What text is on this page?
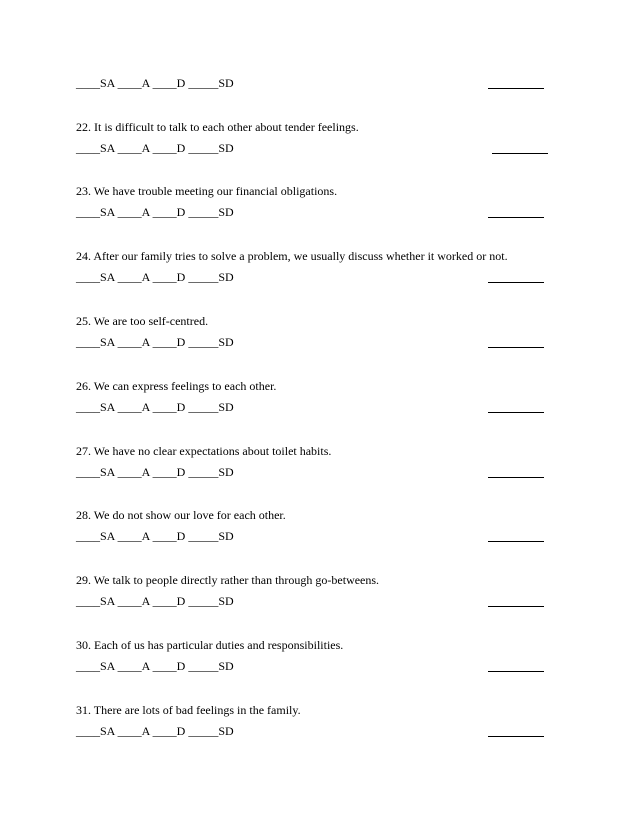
____SA ____A ____D _____SD
22. It is difficult to talk to each other about tender feelings.
____SA ____A ____D _____SD
23. We have trouble meeting our financial obligations.
____SA ____A ____D _____SD
24. After our family tries to solve a problem, we usually discuss whether it worked or not.
____SA ____A ____D _____SD
25. We are too self-centred.
____SA ____A ____D _____SD
26. We can express feelings to each other.
____SA ____A ____D _____SD
27. We have no clear expectations about toilet habits.
____SA ____A ____D _____SD
28. We do not show our love for each other.
____SA ____A ____D _____SD
29. We talk to people directly rather than through go-betweens.
____SA ____A ____D _____SD
30. Each of us has particular duties and responsibilities.
____SA ____A ____D _____SD
31. There are lots of bad feelings in the family.
____SA ____A ____D _____SD
